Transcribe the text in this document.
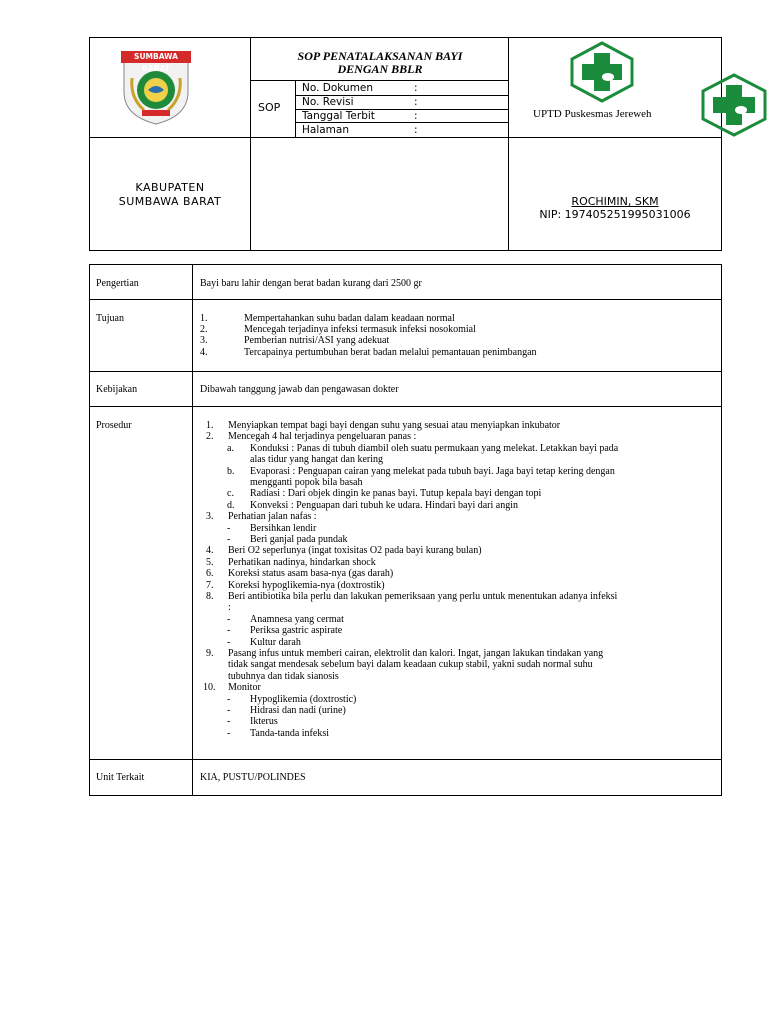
SUMBAWA BARAT
SOP PENATALAKSANAN BAYI
DENGAN BBLR
SOP
No. Dokumen	:
No. Revisi	:
Tanggal Terbit	:
Halaman	:
UPTD Puskesmas Jereweh
KABUPATEN
SUMBAWA BARAT	ROCHIMIN, SKM
NIP: 197405251995031006
Pengertian	Bayi baru lahir dengan berat badan kurang dari 2500 gr
Tujuan	1.	Mempertahankan suhu badan dalam keadaan normal
2.	Mencegah terjadinya infeksi termasuk infeksi nosokomial
3.	Pemberian nutrisi/ASI yang adekuat
4.	Tercapainya pertumbuhan berat badan melalui pemantauan penimbangan
Kebijakan	Dibawah tanggung jawab dan pengawasan dokter
Prosedur	1. Menyiapkan tempat bagi bayi dengan suhu yang sesuai atau menyiapkan inkubator
2. Mencegah 4 hal terjadinya pengeluaran panas :
a. Konduksi : Panas di tubuh diambil oleh suatu permukaan yang melekat. Letakkan bayi pada
alas tidur yang hangat dan kering
b. Evaporasi : Penguapan cairan yang melekat pada tubuh bayi. Jaga bayi tetap kering dengan
mengganti popok bila basah
c. Radiasi : Dari objek dingin ke panas bayi. Tutup kepala bayi dengan topi
d. Konveksi : Penguapan dari tubuh ke udara. Hindari bayi dari angin
3. Perhatian jalan nafas :
- Bersihkan lendir
- Beri ganjal pada pundak
4. Beri O2 seperlunya (ingat toxisitas O2 pada bayi kurang bulan)
5. Perhatikan nadinya, hindarkan shock
6. Koreksi status asam basa-nya (gas darah)
7. Koreksi hypoglikemia-nya (doxtrostik)
8. Beri antibiotika bila perlu dan lakukan pemeriksaan yang perlu untuk menentukan adanya infeksi
:
- Anamnesa yang cermat
- Periksa gastric aspirate
- Kultur darah
9. Pasang infus untuk memberi cairan, elektrolit dan kalori. Ingat, jangan lakukan tindakan yang
tidak sangat mendesak sebelum bayi dalam keadaan cukup stabil, yakni sudah normal suhu
tubuhnya dan tidak sianosis
10. Monitor
- Hypoglikemia (doxtrostic)
- Hidrasi dan nadi (urine)
- Ikterus
- Tanda-tanda infeksi
Unit Terkait	KIA, PUSTU/POLINDES
